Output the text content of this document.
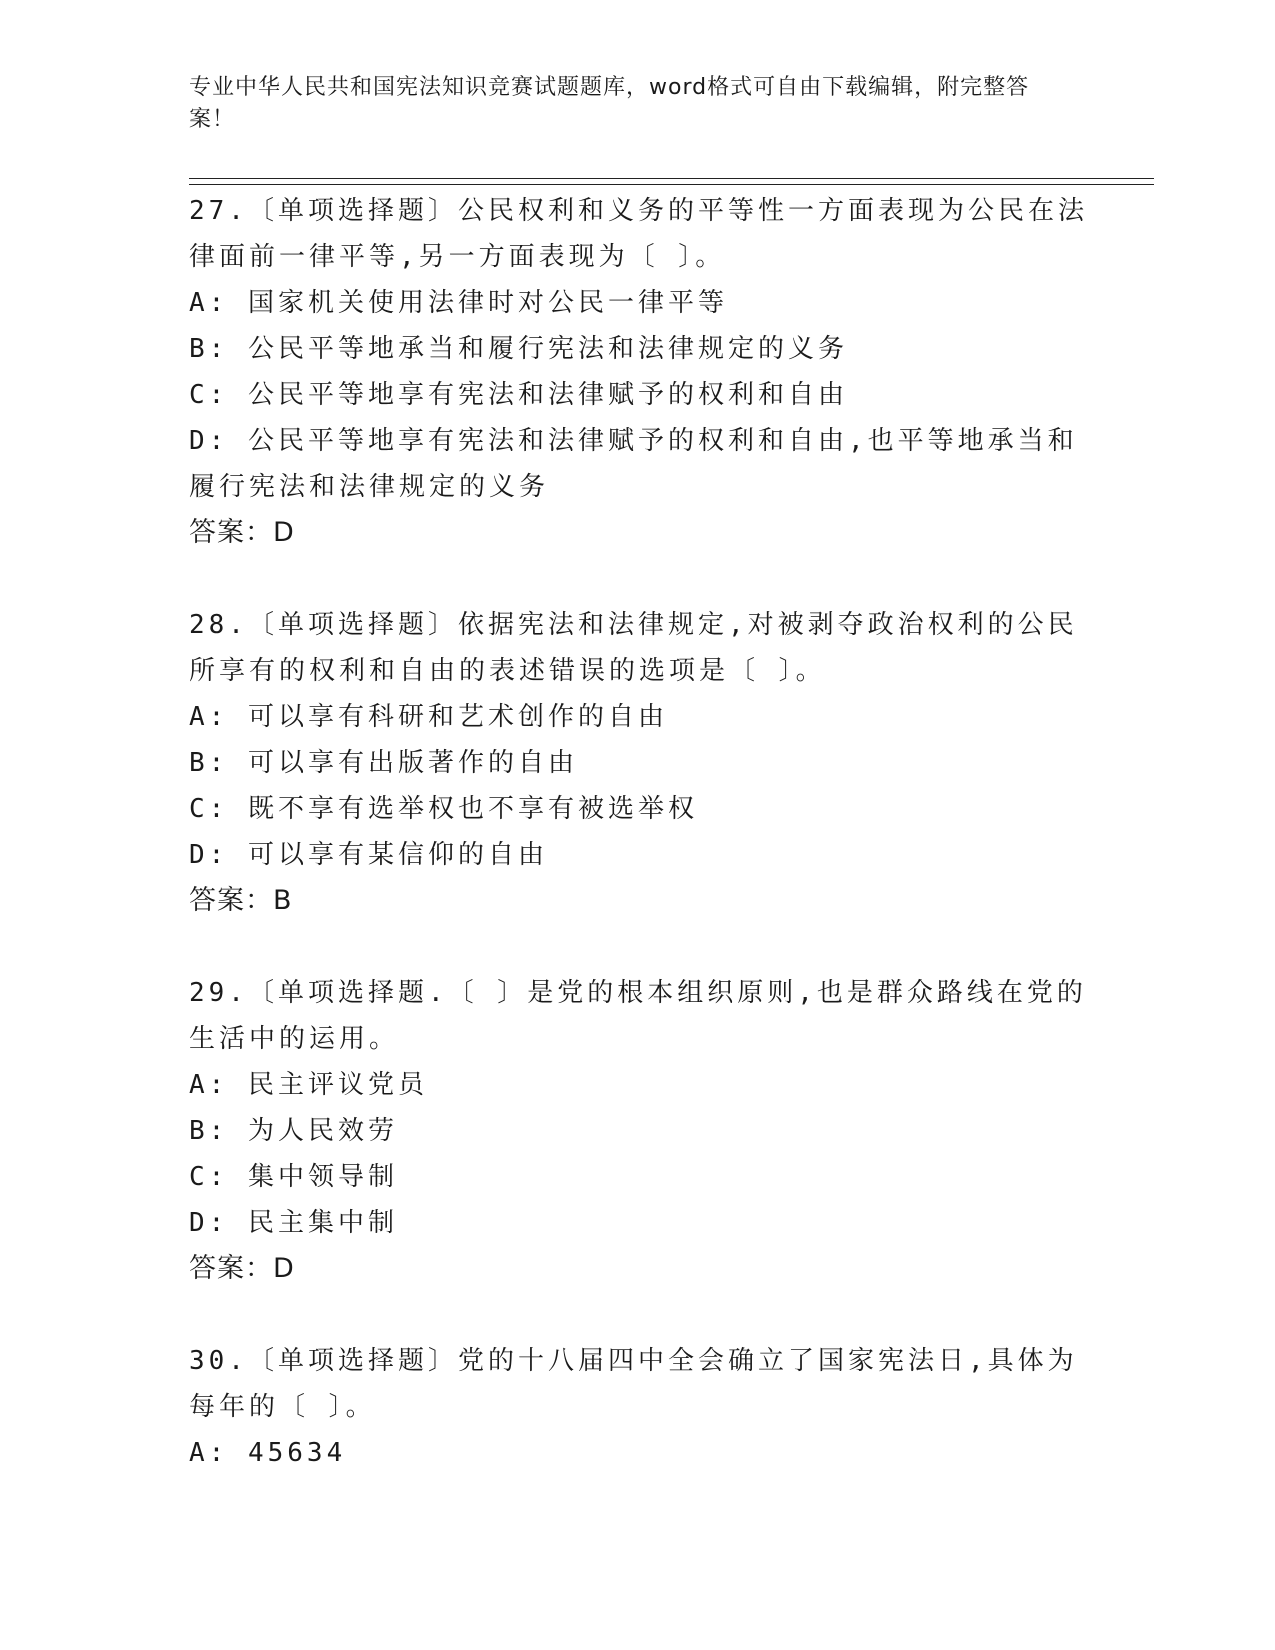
专业中华人民共和国宪法知识竞赛试题题库，word格式可自由下载编辑，附完整答案！
27.〔单项选择题〕公民权利和义务的平等性一方面表现为公民在法律面前一律平等,另一方面表现为〔 〕。
A: 国家机关使用法律时对公民一律平等
B: 公民平等地承当和履行宪法和法律规定的义务
C: 公民平等地享有宪法和法律赋予的权利和自由
D: 公民平等地享有宪法和法律赋予的权利和自由,也平等地承当和履行宪法和法律规定的义务
答案：D
28.〔单项选择题〕依据宪法和法律规定,对被剥夺政治权利的公民所享有的权利和自由的表述错误的选项是〔 〕。
A: 可以享有科研和艺术创作的自由
B: 可以享有出版著作的自由
C: 既不享有选举权也不享有被选举权
D: 可以享有某信仰的自由
答案：B
29.〔单项选择题.〔 〕是党的根本组织原则,也是群众路线在党的生活中的运用。
A: 民主评议党员
B: 为人民效劳
C: 集中领导制
D: 民主集中制
答案：D
30.〔单项选择题〕党的十八届四中全会确立了国家宪法日,具体为每年的〔 〕。
A: 45634
